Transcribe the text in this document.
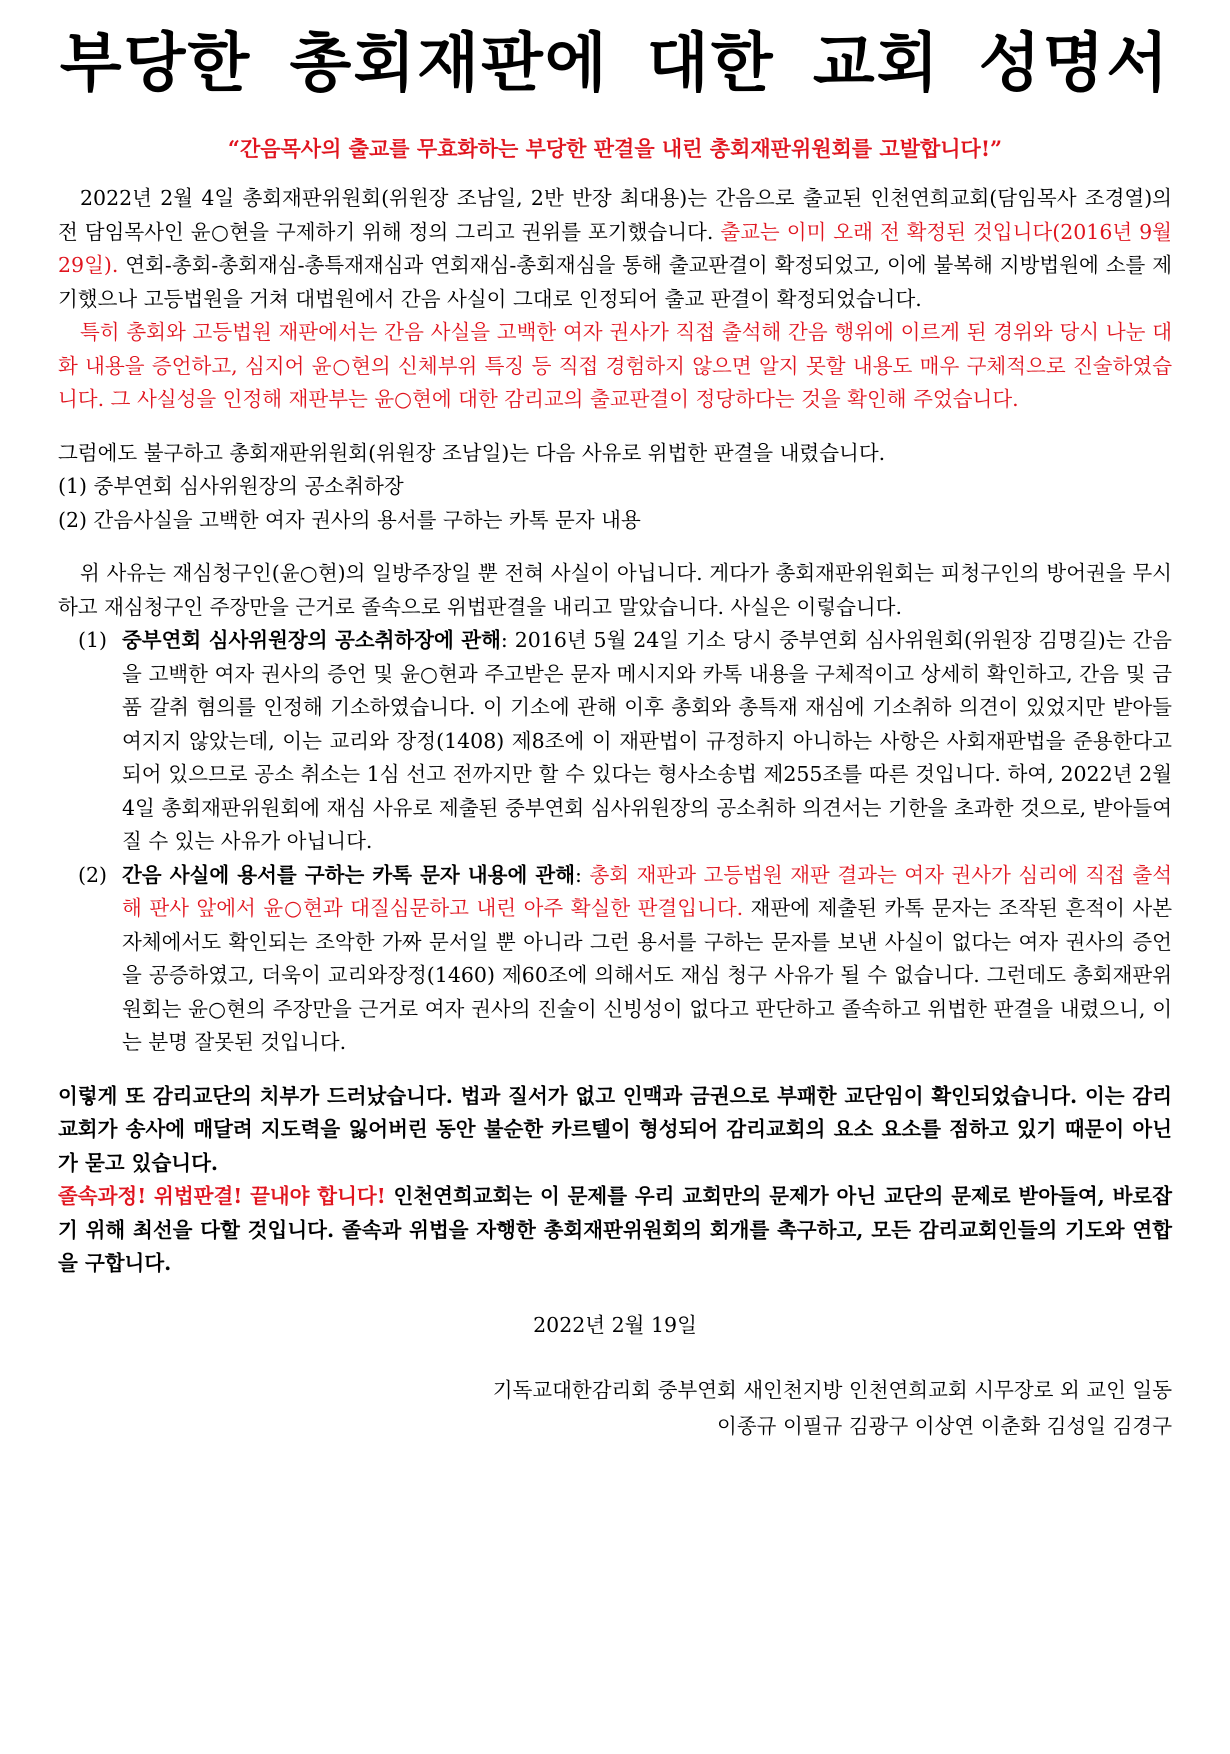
부당한 총회재판에 대한 교회 성명서
“간음목사의 출교를 무효화하는 부당한 판결을 내린 총회재판위원회를 고발합니다!”

2022년 2월 4일 총회재판위원회(위원장 조남일, 2반 반장 최대용)는 간음으로 출교된 인천연희교회(담임목사 조경열)의 전 담임목사인 윤○현을 구제하기 위해 정의 그리고 권위를 포기했습니다. 출교는 이미 오래 전 확정된 것입니다(2016년 9월 29일). 연회-총회-총회재심-총특재재심과 연회재심-총회재심을 통해 출교판결이 확정되었고, 이에 불복해 지방법원에 소를 제기했으나 고등법원을 거쳐 대법원에서 간음 사실이 그대로 인정되어 출교 판결이 확정되었습니다.

특히 총회와 고등법원 재판에서는 간음 사실을 고백한 여자 권사가 직접 출석해 간음 행위에 이르게 된 경위와 당시 나눈 대화 내용을 증언하고, 심지어 윤○현의 신체부위 특징 등 직접 경험하지 않으면 알지 못할 내용도 매우 구체적으로 진술하였습니다. 그 사실성을 인정해 재판부는 윤○현에 대한 감리교의 출교판결이 정당하다는 것을 확인해 주었습니다.

그럼에도 불구하고 총회재판위원회(위원장 조남일)는 다음 사유로 위법한 판결을 내렸습니다.

(1) 중부연회 심사위원장의 공소취하장

(2) 간음사실을 고백한 여자 권사의 용서를 구하는 카톡 문자 내용

위 사유는 재심청구인(윤○현)의 일방주장일 뿐 전혀 사실이 아닙니다. 게다가 총회재판위원회는 피청구인의 방어권을 무시하고 재심청구인 주장만을 근거로 졸속으로 위법판결을 내리고 말았습니다. 사실은 이렇습니다.

(1) 중부연회 심사위원장의 공소취하장에 관해: 2016년 5월 24일 기소 당시 중부연회 심사위원회(위원장 김명길)는 간음을 고백한 여자 권사의 증언 및 윤○현과 주고받은 문자 메시지와 카톡 내용을 구체적이고 상세히 확인하고, 간음 및 금품 갈취 혐의를 인정해 기소하였습니다. 이 기소에 관해 이후 총회와 총특재 재심에 기소취하 의견이 있었지만 받아들여지지 않았는데, 이는 교리와 장정(1408) 제8조에 이 재판법이 규정하지 아니하는 사항은 사회재판법을 준용한다고 되어 있으므로 공소 취소는 1심 선고 전까지만 할 수 있다는 형사소송법 제255조를 따른 것입니다. 하여, 2022년 2월 4일 총회재판위원회에 재심 사유로 제출된 중부연회 심사위원장의 공소취하 의견서는 기한을 초과한 것으로, 받아들여질 수 있는 사유가 아닙니다.
(2) 간음 사실에 용서를 구하는 카톡 문자 내용에 관해: 총회 재판과 고등법원 재판 결과는 여자 권사가 심리에 직접 출석해 판사 앞에서 윤○현과 대질심문하고 내린 아주 확실한 판결입니다. 재판에 제출된 카톡 문자는 조작된 흔적이 사본 자체에서도 확인되는 조악한 가짜 문서일 뿐 아니라 그런 용서를 구하는 문자를 보낸 사실이 없다는 여자 권사의 증언을 공증하였고, 더욱이 교리와장정(1460) 제60조에 의해서도 재심 청구 사유가 될 수 없습니다. 그런데도 총회재판위원회는 윤○현의 주장만을 근거로 여자 권사의 진술이 신빙성이 없다고 판단하고 졸속하고 위법한 판결을 내렸으니, 이는 분명 잘못된 것입니다.

이렇게 또 감리교단의 치부가 드러났습니다. 법과 질서가 없고 인맥과 금권으로 부패한 교단임이 확인되었습니다. 이는 감리교회가 송사에 매달려 지도력을 잃어버린 동안 불순한 카르텔이 형성되어 감리교회의 요소 요소를 점하고 있기 때문이 아닌가 묻고 있습니다.

졸속과정! 위법판결! 끝내야 합니다! 인천연희교회는 이 문제를 우리 교회만의 문제가 아닌 교단의 문제로 받아들여, 바로잡기 위해 최선을 다할 것입니다. 졸속과 위법을 자행한 총회재판위원회의 회개를 촉구하고, 모든 감리교회인들의 기도와 연합을 구합니다.

2022년 2월 19일

기독교대한감리회 중부연회 새인천지방 인천연희교회 시무장로 외 교인 일동

이종규 이필규 김광구 이상연 이춘화 김성일 김경구
